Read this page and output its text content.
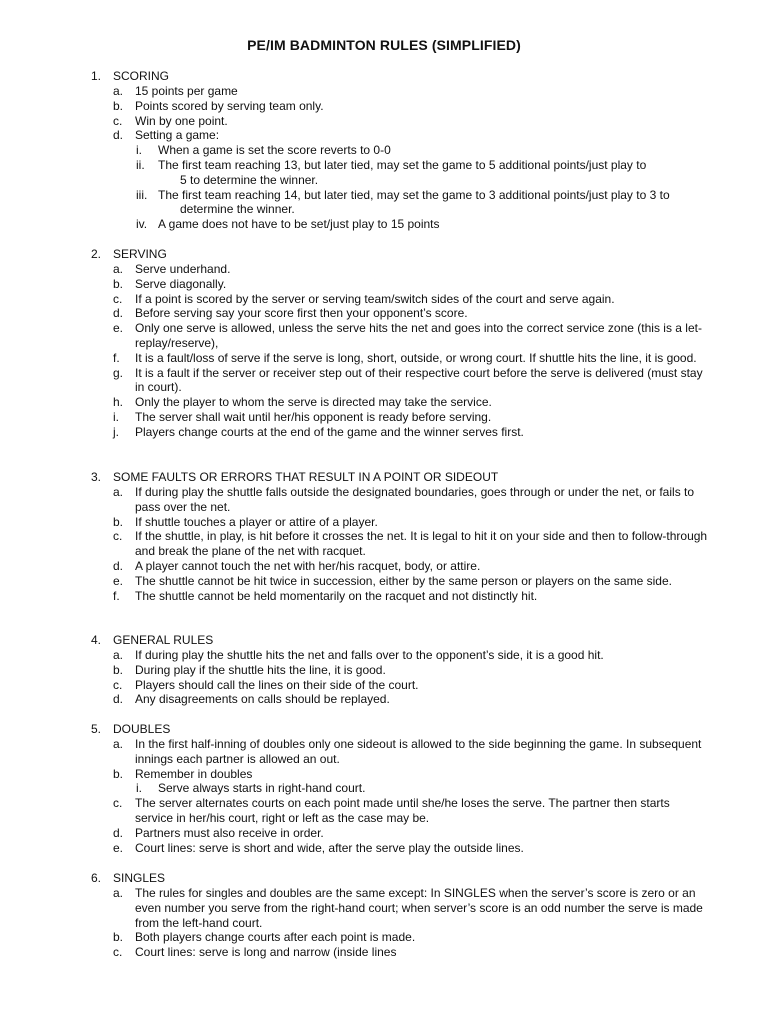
PE/IM BADMINTON RULES (SIMPLIFIED)
1. SCORING
a. 15 points per game
b. Points scored by serving team only.
c. Win by one point.
d. Setting a game:
i. When a game is set the score reverts to 0-0
ii. The first team reaching 13, but later tied, may set the game to 5 additional points/just play to
5 to determine the winner.
iii. The first team reaching 14, but later tied, may set the game to 3 additional points/just play to 3 to
determine the winner.
iv. A game does not have to be set/just play to 15 points
2. SERVING
a. Serve underhand.
b. Serve diagonally.
c. If a point is scored by the server or serving team/switch sides of the court and serve again.
d. Before serving say your score first then your opponent’s score.
e. Only one serve is allowed, unless the serve hits the net and goes into the correct service zone (this is a let-replay/reserve),
f. It is a fault/loss of serve if the serve is long, short, outside, or wrong court. If shuttle hits the line, it is good.
g. It is a fault if the server or receiver step out of their respective court before the serve is delivered (must stay in court).
h. Only the player to whom the serve is directed may take the service.
i. The server shall wait until her/his opponent is ready before serving.
j. Players change courts at the end of the game and the winner serves first.
3. SOME FAULTS OR ERRORS THAT RESULT IN A POINT OR SIDEOUT
a. If during play the shuttle falls outside the designated boundaries, goes through or under the net, or fails to pass over the net.
b. If shuttle touches a player or attire of a player.
c. If the shuttle, in play, is hit before it crosses the net. It is legal to hit it on your side and then to follow-through and break the plane of the net with racquet.
d. A player cannot touch the net with her/his racquet, body, or attire.
e. The shuttle cannot be hit twice in succession, either by the same person or players on the same side.
f. The shuttle cannot be held momentarily on the racquet and not distinctly hit.
4. GENERAL RULES
a. If during play the shuttle hits the net and falls over to the opponent’s side, it is a good hit.
b. During play if the shuttle hits the line, it is good.
c. Players should call the lines on their side of the court.
d. Any disagreements on calls should be replayed.
5. DOUBLES
a. In the first half-inning of doubles only one sideout is allowed to the side beginning the game. In subsequent innings each partner is allowed an out.
b. Remember in doubles
i. Serve always starts in right-hand court.
c. The server alternates courts on each point made until she/he loses the serve. The partner then starts service in her/his court, right or left as the case may be.
d. Partners must also receive in order.
e. Court lines: serve is short and wide, after the serve play the outside lines.
6. SINGLES
a. The rules for singles and doubles are the same except: In SINGLES when the server’s score is zero or an even number you serve from the right-hand court; when server’s score is an odd number the serve is made from the left-hand court.
b. Both players change courts after each point is made.
c. Court lines: serve is long and narrow (inside lines
